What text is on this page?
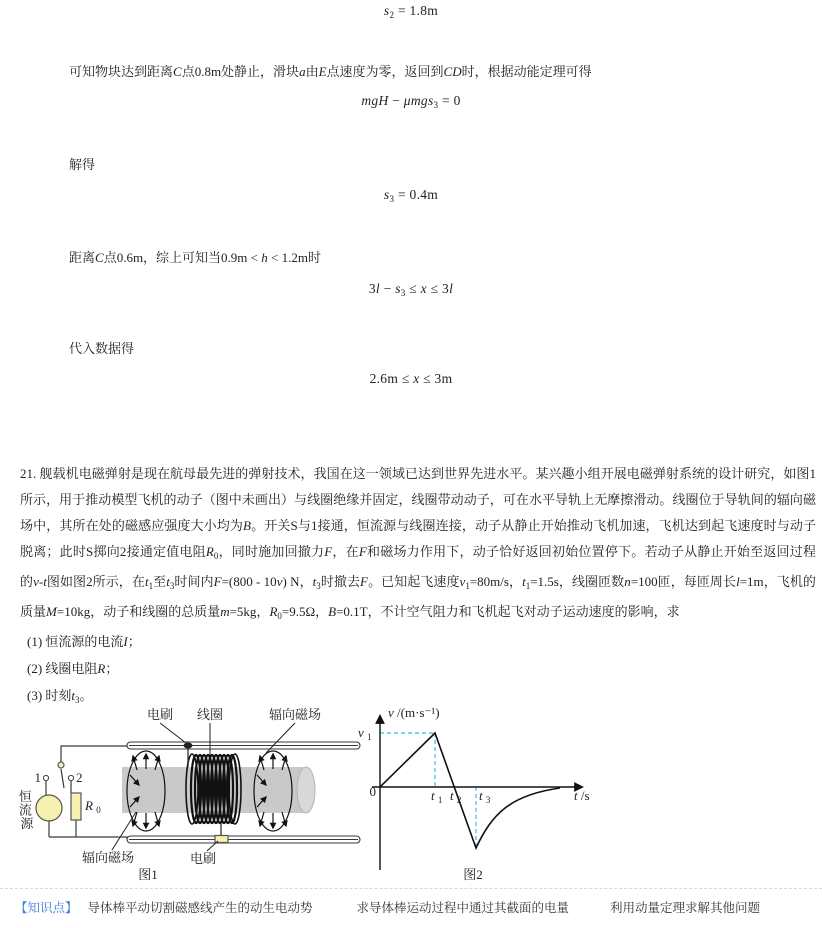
$s_2 = 1.8m$
可知物块达到距离C点0.8m处静止，滑块a由E点速度为零，返回到CD时，根据动能定理可得
mgH − μmgs$_3$ = 0
解得
$s_3 = 0.4m$
距离C点0.6m，综上可知当0.9m < h < 1.2m时
$3l - s_3 \le x \le 3l$
代入数据得
2.6m ≤ x ≤ 3m
21. 舰载机电磁弹射是现在航母最先进的弹射技术，我国在这一领域已达到世界先进水平。某兴趣小组开展电磁弹射系统的设计研究，如图1所示，用于推动模型飞机的动子（图中未画出）与线圈绝缘并固定，线圈带动动子，可在水平导轨上无摩擦滑动。线圈位于导轨间的辐向磁场中，其所在处的磁感应强度大小均为B。开关S与1接通，恒流源与线圈连接，动子从静止开始推动飞机加速，飞机达到起飞速度时与动子脱离；此时S掷向2接通定值电阻$R_0$，同时施加回撤力F，在F和磁场力作用下，动子恰好返回初始位置停下。若动子从静止开始至返回过程的v-t图如图2所示，在$t_1$至$t_3$时间内F=(800 - 10v) N，$t_3$时撤去F。已知起飞速度$v_1=80m/s$，$t_1=1.5s$，线圈匝数n=100匝，每匝周长l=1m，飞机的质量M=10kg，动子和线圈的总质量m=5kg，$R_0=9.5\Omega$，B=0.1T，不计空气阻力和飞机起飞对动子运动速度的影响，求
(1) 恒流源的电流I；
(2) 线圈电阻R；
(3) 时刻$t_3$。
1	2
恒 流 源
R $_0$
电刷 线圈	辐向磁场
辐向磁场	电刷
图1
v /(m·s⁻¹)
0
v $_1$
t $_1$ t $_2$ t $_3$	t /s
图2
【知识点】 导体棒平动切割磁感线产生的动生电动势	求导体棒运动过程中通过其截面的电量	利用动量定理求解其他问题
